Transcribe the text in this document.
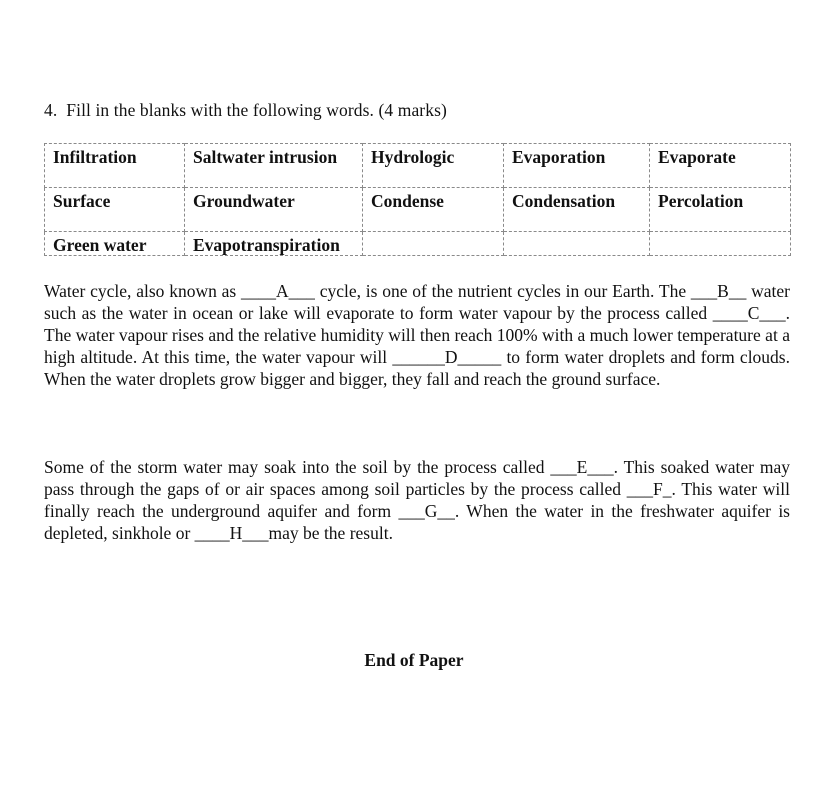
4. Fill in the blanks with the following words. (4 marks)
Infiltration	Saltwater intrusion	Hydrologic	Evaporation	Evaporate
Surface	Groundwater	Condense	Condensation	Percolation
Green water	Evapotranspiration			

Water cycle, also known as ____A___ cycle, is one of the nutrient cycles in our Earth. The ___B__ water such as the water in ocean or lake will evaporate to form water vapour by the process called ____C___. The water vapour rises and the relative humidity will then reach 100% with a much lower temperature at a high altitude. At this time, the water vapour will ______D_____ to form water droplets and form clouds. When the water droplets grow bigger and bigger, they fall and reach the ground surface.

Some of the storm water may soak into the soil by the process called ___E___. This soaked water may pass through the gaps of or air spaces among soil particles by the process called ___F_. This water will finally reach the underground aquifer and form ___G__. When the water in the freshwater aquifer is depleted, sinkhole or ____H___may be the result.

End of Paper
